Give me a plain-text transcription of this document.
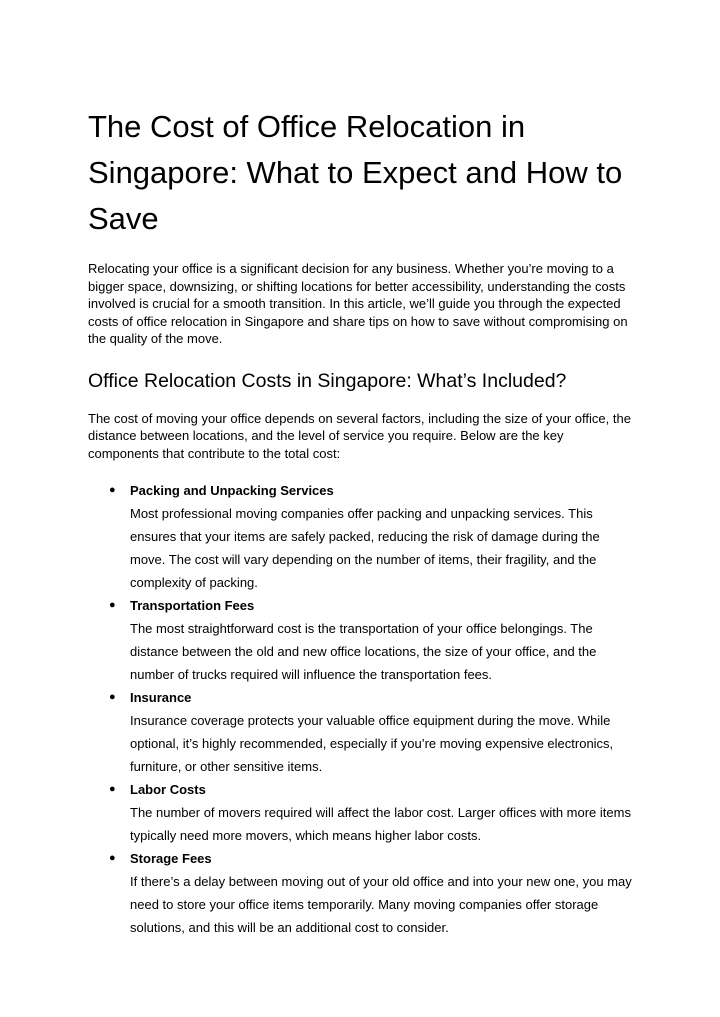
The Cost of Office Relocation in Singapore: What to Expect and How to Save

Relocating your office is a significant decision for any business. Whether you’re moving to a bigger space, downsizing, or shifting locations for better accessibility, understanding the costs involved is crucial for a smooth transition. In this article, we’ll guide you through the expected costs of office relocation in Singapore and share tips on how to save without compromising on the quality of the move.

Office Relocation Costs in Singapore: What’s Included?

The cost of moving your office depends on several factors, including the size of your office, the distance between locations, and the level of service you require. Below are the key components that contribute to the total cost:

● Packing and Unpacking Services
Most professional moving companies offer packing and unpacking services. This ensures that your items are safely packed, reducing the risk of damage during the move. The cost will vary depending on the number of items, their fragility, and the complexity of packing.
● Transportation Fees
The most straightforward cost is the transportation of your office belongings. The distance between the old and new office locations, the size of your office, and the number of trucks required will influence the transportation fees.
● Insurance
Insurance coverage protects your valuable office equipment during the move. While optional, it’s highly recommended, especially if you’re moving expensive electronics, furniture, or other sensitive items.
● Labor Costs
The number of movers required will affect the labor cost. Larger offices with more items typically need more movers, which means higher labor costs.
● Storage Fees
If there’s a delay between moving out of your old office and into your new one, you may need to store your office items temporarily. Many moving companies offer storage solutions, and this will be an additional cost to consider.
